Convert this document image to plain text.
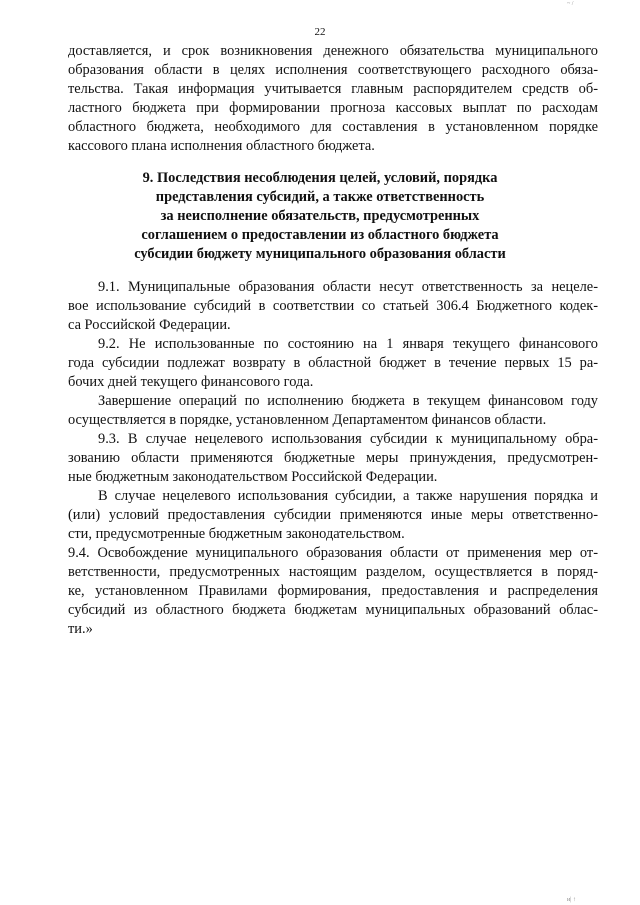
~ /
22
доставляется, и срок возникновения денежного обязательства муниципального
образования области в целях исполнения соответствующего расходного обяза-
тельства. Такая информация учитывается главным распорядителем средств об-
ластного бюджета при формировании прогноза кассовых выплат по расходам
областного бюджета, необходимого для составления в установленном порядке
кассового плана исполнения областного бюджета.
9. Последствия несоблюдения целей, условий, порядка
представления субсидий, а также ответственность
за неисполнение обязательств, предусмотренных
соглашением о предоставлении из областного бюджета
субсидии бюджету муниципального образования области
9.1. Муниципальные образования области несут ответственность за нецеле-
вое использование субсидий в соответствии со статьей 306.4 Бюджетного кодек-
са Российской Федерации.
9.2. Не использованные по состоянию на 1 января текущего финансового
года субсидии подлежат возврату в областной бюджет в течение первых 15 ра-
бочих дней текущего финансового года.
Завершение операций по исполнению бюджета в текущем финансовом году
осуществляется в порядке, установленном Департаментом финансов области.
9.3. В случае нецелевого использования субсидии к муниципальному обра-
зованию области применяются бюджетные меры принуждения, предусмотрен-
ные бюджетным законодательством Российской Федерации.
В случае нецелевого использования субсидии, а также нарушения порядка и
(или) условий предоставления субсидии применяются иные меры ответственно-
сти, предусмотренные бюджетным законодательством.
9.4. Освобождение муниципального образования области от применения мер от-
ветственности, предусмотренных настоящим разделом, осуществляется в поряд-
ке, установленном Правилами формирования, предоставления и распределения
субсидий из областного бюджета бюджетам муниципальных образований облас-
ти.»
и| ↑
